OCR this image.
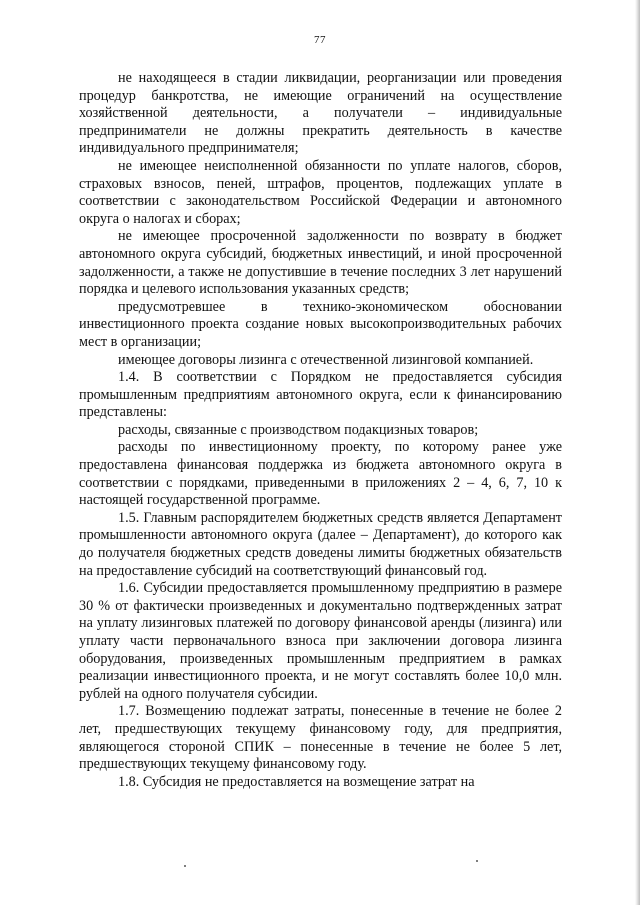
77

не находящееся в стадии ликвидации, реорганизации или проведения процедур банкротства, не имеющие ограничений на осуществление хозяйственной деятельности, а получатели – индивидуальные предприниматели не должны прекратить деятельность в качестве индивидуального предпринимателя;

не имеющее неисполненной обязанности по уплате налогов, сборов, страховых взносов, пеней, штрафов, процентов, подлежащих уплате в соответствии с законодательством Российской Федерации и автономного округа о налогах и сборах;

не имеющее просроченной задолженности по возврату в бюджет автономного округа субсидий, бюджетных инвестиций, и иной просроченной задолженности, а также не допустившие в течение последних 3 лет нарушений порядка и целевого использования указанных средств;

предусмотревшее в технико-экономическом обосновании инвестиционного проекта создание новых высокопроизводительных рабочих мест в организации;

имеющее договоры лизинга с отечественной лизинговой компанией.

1.4. В соответствии с Порядком не предоставляется субсидия промышленным предприятиям автономного округа, если к финансированию представлены:

расходы, связанные с производством подакцизных товаров;

расходы по инвестиционному проекту, по которому ранее уже предоставлена финансовая поддержка из бюджета автономного округа в соответствии с порядками, приведенными в приложениях 2 – 4, 6, 7, 10 к настоящей государственной программе.

1.5. Главным распорядителем бюджетных средств является Департамент промышленности автономного округа (далее – Департамент), до которого как до получателя бюджетных средств доведены лимиты бюджетных обязательств на предоставление субсидий на соответствующий финансовый год.

1.6. Субсидии предоставляется промышленному предприятию в размере 30 % от фактически произведенных и документально подтвержденных затрат на уплату лизинговых платежей по договору финансовой аренды (лизинга) или уплату части первоначального взноса при заключении договора лизинга оборудования, произведенных промышленным предприятием в рамках реализации инвестиционного проекта, и не могут составлять более 10,0 млн. рублей на одного получателя субсидии.

1.7. Возмещению подлежат затраты, понесенные в течение не более 2 лет, предшествующих текущему финансовому году, для предприятия, являющегося стороной СПИК – понесенные в течение не более 5 лет, предшествующих текущему финансовому году.

1.8. Субсидия не предоставляется на возмещение затрат на
